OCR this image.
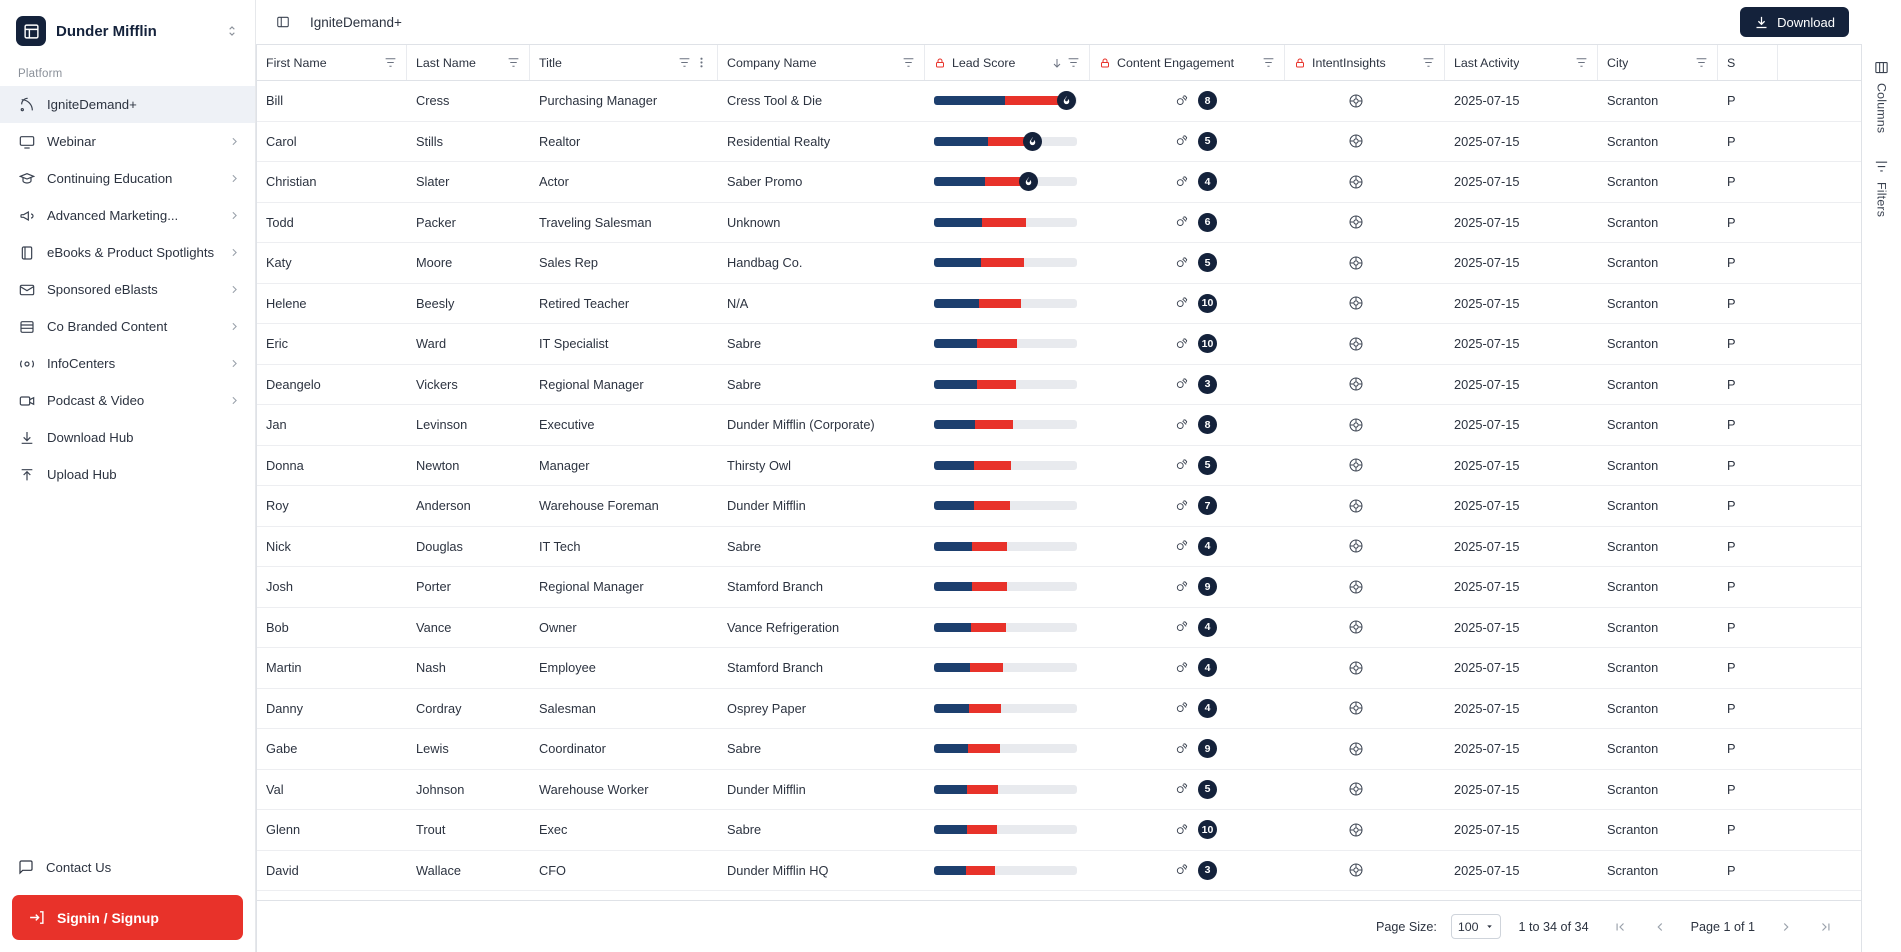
Dunder Mifflin
Platform
IgniteDemand+
Webinar
Continuing Education
Advanced Marketing...
eBooks & Product Spotlights
Sponsored eBlasts
Co Branded Content
InfoCenters
Podcast & Video
Download Hub
Upload Hub
Contact Us
Signin / Signup
IgniteDemand+	Download
First Name	Last Name	Title	Company Name	Lead Score	Content Engagement	IntentInsights	Last Activity	City	S
Bill	Cress	Purchasing Manager	Cress Tool & Die	8	2025-07-15	Scranton	P
Carol	Stills	Realtor	Residential Realty	5	2025-07-15	Scranton	P
Christian	Slater	Actor	Saber Promo	4	2025-07-15	Scranton	P
Todd	Packer	Traveling Salesman	Unknown	6	2025-07-15	Scranton	P
Katy	Moore	Sales Rep	Handbag Co.	5	2025-07-15	Scranton	P
Helene	Beesly	Retired Teacher	N/A	10	2025-07-15	Scranton	P
Eric	Ward	IT Specialist	Sabre	10	2025-07-15	Scranton	P
Deangelo	Vickers	Regional Manager	Sabre	3	2025-07-15	Scranton	P
Jan	Levinson	Executive	Dunder Mifflin (Corporate)	8	2025-07-15	Scranton	P
Donna	Newton	Manager	Thirsty Owl	5	2025-07-15	Scranton	P
Roy	Anderson	Warehouse Foreman	Dunder Mifflin	7	2025-07-15	Scranton	P
Nick	Douglas	IT Tech	Sabre	4	2025-07-15	Scranton	P
Josh	Porter	Regional Manager	Stamford Branch	9	2025-07-15	Scranton	P
Bob	Vance	Owner	Vance Refrigeration	4	2025-07-15	Scranton	P
Martin	Nash	Employee	Stamford Branch	4	2025-07-15	Scranton	P
Danny	Cordray	Salesman	Osprey Paper	4	2025-07-15	Scranton	P
Gabe	Lewis	Coordinator	Sabre	9	2025-07-15	Scranton	P
Val	Johnson	Warehouse Worker	Dunder Mifflin	5	2025-07-15	Scranton	P
Glenn	Trout	Exec	Sabre	10	2025-07-15	Scranton	P
David	Wallace	CFO	Dunder Mifflin HQ	3	2025-07-15	Scranton	P
Page Size: 100	1 to 34 of 34	Page 1 of 1
Columns
Filters
